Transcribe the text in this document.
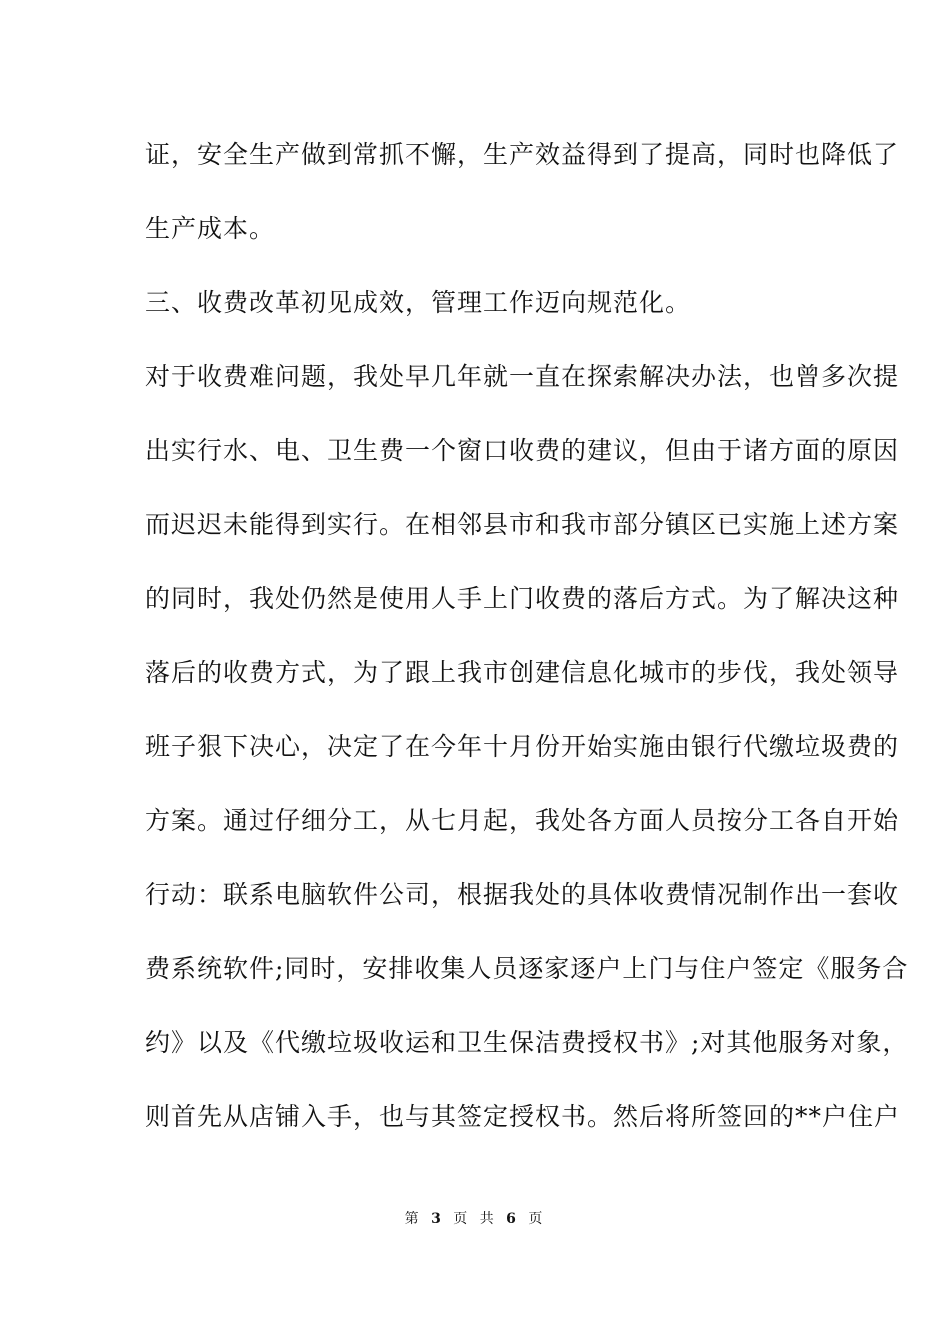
证，安全生产做到常抓不懈，生产效益得到了提高，同时也降低了
生产成本。
三、收费改革初见成效，管理工作迈向规范化。
对于收费难问题，我处早几年就一直在探索解决办法，也曾多次提
出实行水、电、卫生费一个窗口收费的建议，但由于诸方面的原因
而迟迟未能得到实行。在相邻县市和我市部分镇区已实施上述方案
的同时，我处仍然是使用人手上门收费的落后方式。为了解决这种
落后的收费方式，为了跟上我市创建信息化城市的步伐，我处领导
班子狠下决心，决定了在今年十月份开始实施由银行代缴垃圾费的
方案。通过仔细分工，从七月起，我处各方面人员按分工各自开始
行动：联系电脑软件公司，根据我处的具体收费情况制作出一套收
费系统软件;同时，安排收集人员逐家逐户上门与住户签定《服务合
约》以及《代缴垃圾收运和卫生保洁费授权书》;对其他服务对象，
则首先从店铺入手，也与其签定授权书。然后将所签回的**户住户
第 3 页 共 6 页
